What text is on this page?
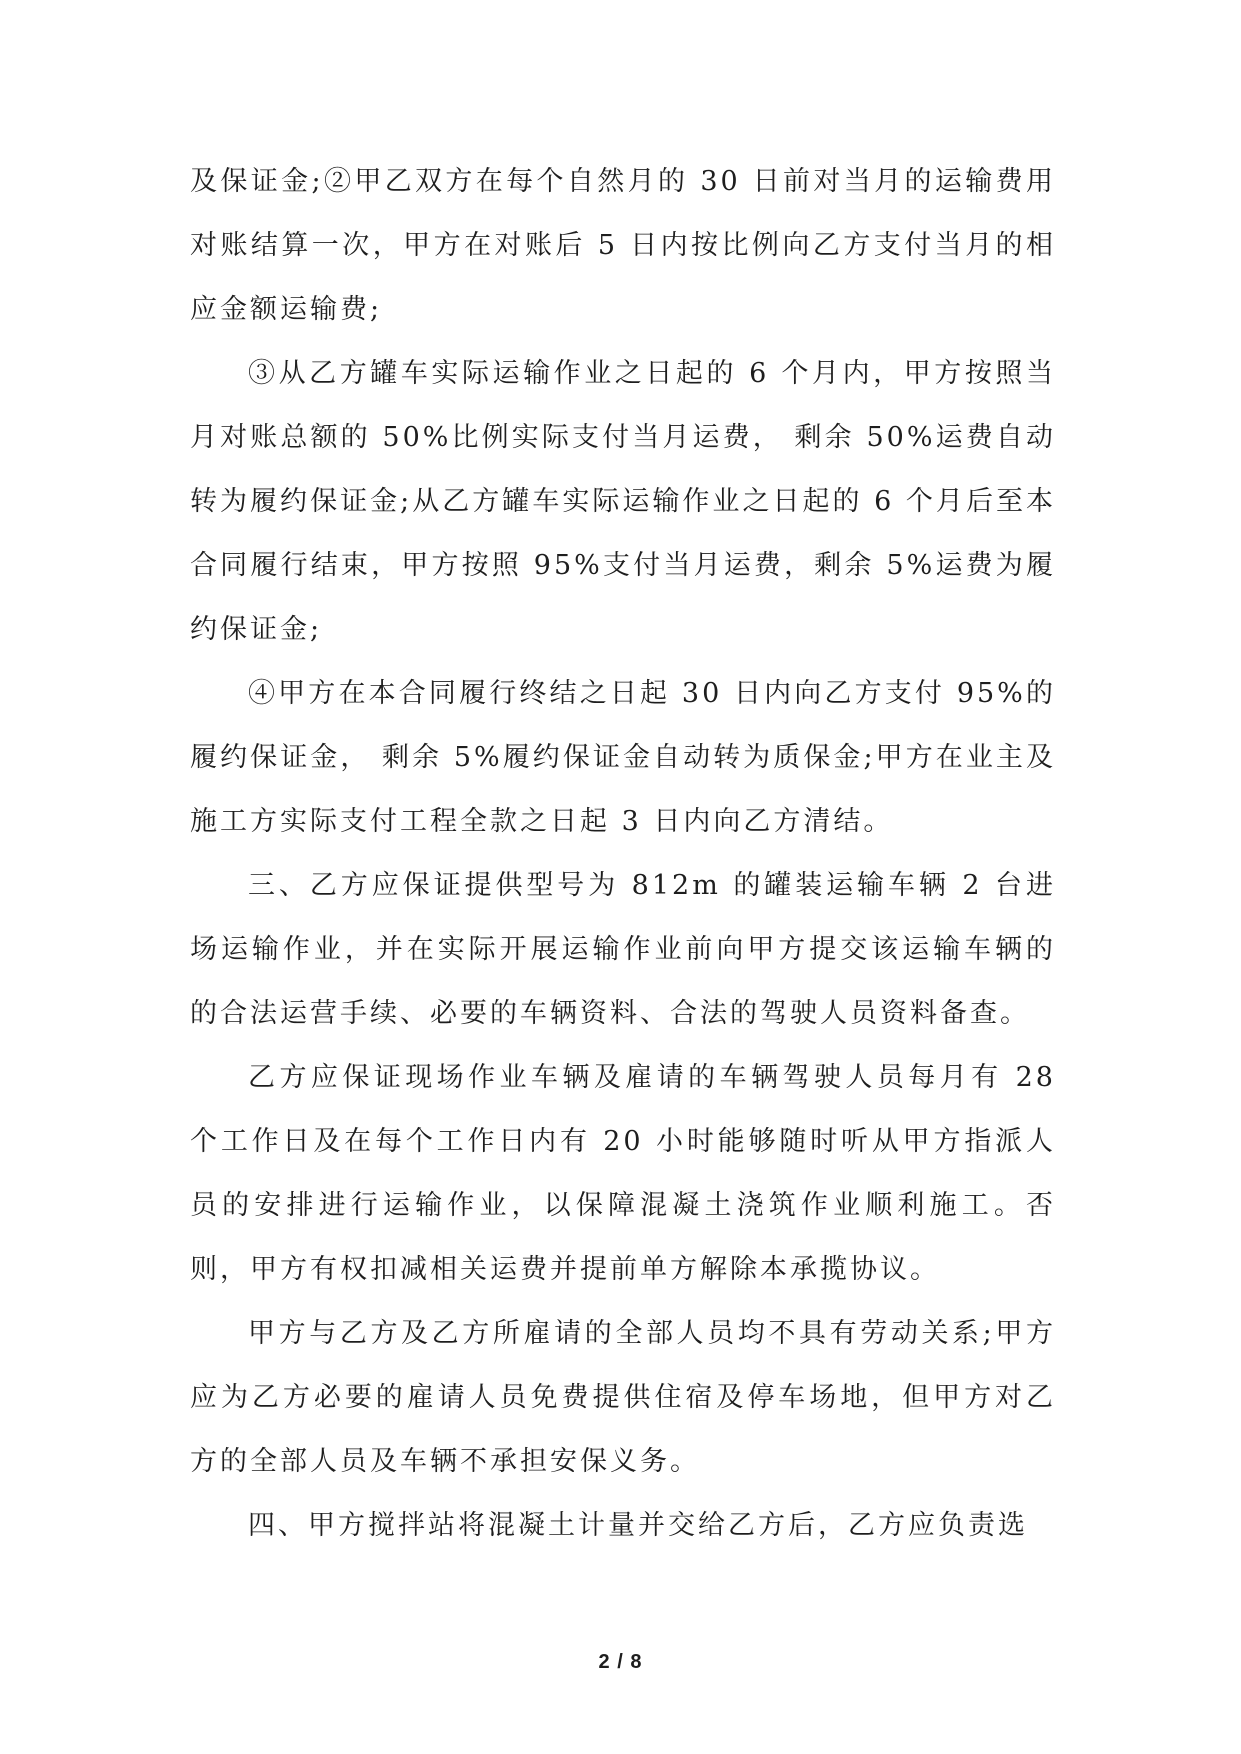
及保证金;②甲乙双方在每个自然月的 30 日前对当月的运输费用对账结算一次，甲方在对账后 5 日内按比例向乙方支付当月的相应金额运输费;

③从乙方罐车实际运输作业之日起的 6 个月内，甲方按照当月对账总额的 50%比例实际支付当月运费， 剩余 50%运费自动转为履约保证金;从乙方罐车实际运输作业之日起的 6 个月后至本合同履行结束，甲方按照 95%支付当月运费，剩余 5%运费为履约保证金;

④甲方在本合同履行终结之日起 30 日内向乙方支付 95%的履约保证金， 剩余 5%履约保证金自动转为质保金;甲方在业主及施工方实际支付工程全款之日起 3 日内向乙方清结。

三、乙方应保证提供型号为 812m 的罐装运输车辆 2 台进场运输作业，并在实际开展运输作业前向甲方提交该运输车辆的的合法运营手续、必要的车辆资料、合法的驾驶人员资料备查。

乙方应保证现场作业车辆及雇请的车辆驾驶人员每月有 28 个工作日及在每个工作日内有 20 小时能够随时听从甲方指派人员的安排进行运输作业，以保障混凝土浇筑作业顺利施工。否则，甲方有权扣减相关运费并提前单方解除本承揽协议。

甲方与乙方及乙方所雇请的全部人员均不具有劳动关系;甲方应为乙方必要的雇请人员免费提供住宿及停车场地，但甲方对乙方的全部人员及车辆不承担安保义务。

四、甲方搅拌站将混凝土计量并交给乙方后，乙方应负责选

2 / 8
